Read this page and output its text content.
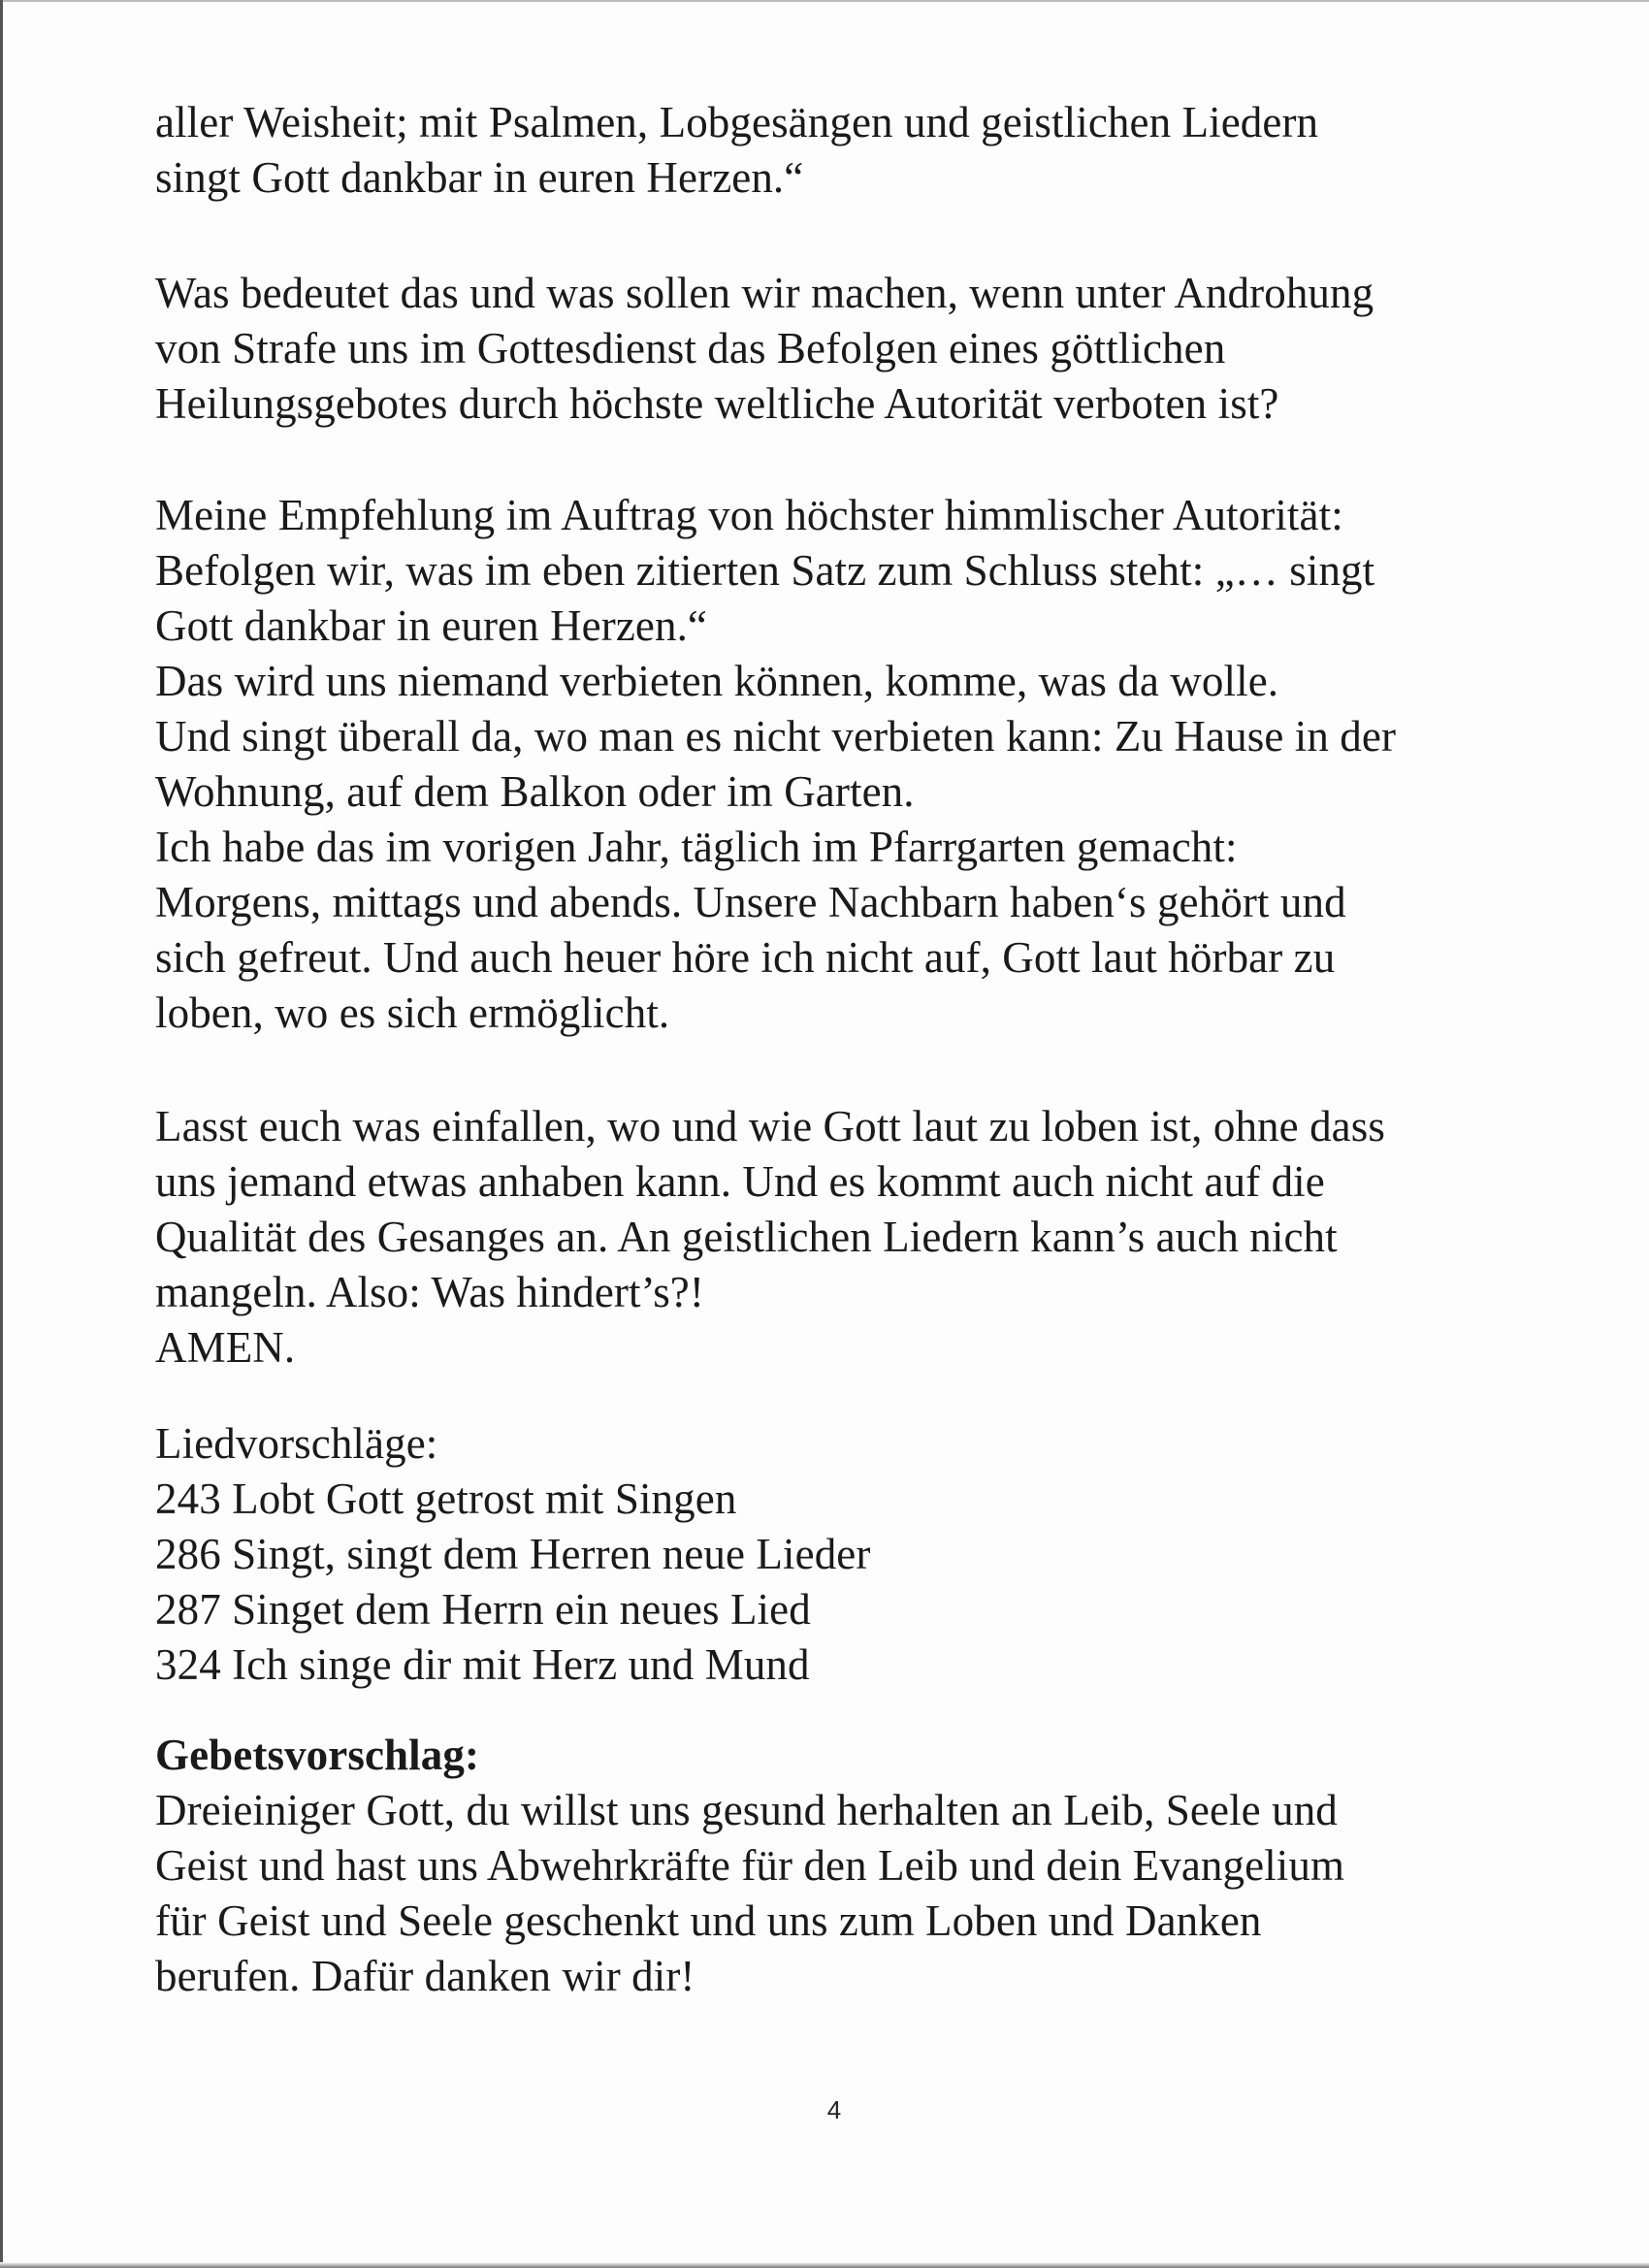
aller Weisheit; mit Psalmen, Lobgesängen und geistlichen Liedern
singt Gott dankbar in euren Herzen.“
Was bedeutet das und was sollen wir machen, wenn unter Androhung
von Strafe uns im Gottesdienst das Befolgen eines göttlichen
Heilungsgebotes durch höchste weltliche Autorität verboten ist?
Meine Empfehlung im Auftrag von höchster himmlischer Autorität:
Befolgen wir, was im eben zitierten Satz zum Schluss steht: „… singt
Gott dankbar in euren Herzen.“
Das wird uns niemand verbieten können, komme, was da wolle.
Und singt überall da, wo man es nicht verbieten kann: Zu Hause in der
Wohnung, auf dem Balkon oder im Garten.
Ich habe das im vorigen Jahr, täglich im Pfarrgarten gemacht:
Morgens, mittags und abends. Unsere Nachbarn haben‘s gehört und
sich gefreut. Und auch heuer höre ich nicht auf, Gott laut hörbar zu
loben, wo es sich ermöglicht.
Lasst euch was einfallen, wo und wie Gott laut zu loben ist, ohne dass
uns jemand etwas anhaben kann. Und es kommt auch nicht auf die
Qualität des Gesanges an. An geistlichen Liedern kann’s auch nicht
mangeln. Also: Was hindert’s?!
AMEN.
Liedvorschläge:
243 Lobt Gott getrost mit Singen
286 Singt, singt dem Herren neue Lieder
287 Singet dem Herrn ein neues Lied
324 Ich singe dir mit Herz und Mund
Gebetsvorschlag:
Dreieiniger Gott, du willst uns gesund herhalten an Leib, Seele und
Geist und hast uns Abwehrkräfte für den Leib und dein Evangelium
für Geist und Seele geschenkt und uns zum Loben und Danken
berufen. Dafür danken wir dir!
4
